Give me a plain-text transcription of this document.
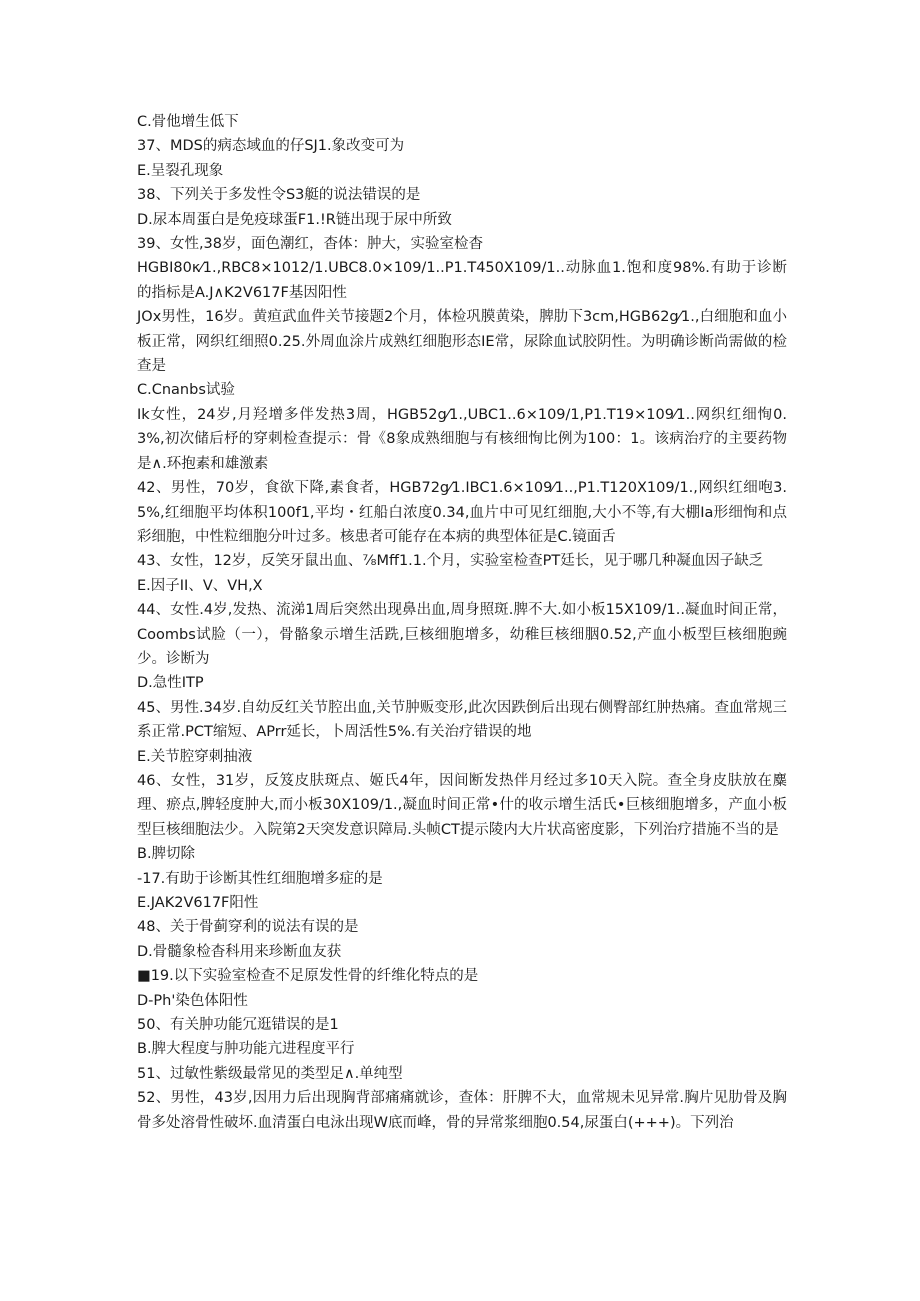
C.骨他增生低下

37、MDS的病态域血的仔SJ1.象改变可为

E.呈裂孔现象

38、下列关于多发性令S3艇的说法错误的是

D.尿本周蛋白是免疫球蛋F1.!R链出现于尿中所致

39、女性,38岁，面色潮红，杳体：肿大，实验室检杳

HGBI80κ⁄1.,RBC8×1012/1.UBC8.0×109/1..P1.T450X109/1..动脉血1.饱和度98%.有助于诊断的指标是A.J∧K2V617F基因阳性

JOx男性，16岁。黄疸武血件关节接题2个月，体检巩膜黄染，脾肋下3cm,HGB62g⁄1.,白细胞和血小板正常，网织红细照0.25.外周血涂片成熟红细胞形态IE常，尿除血试胶阴性。为明确诊断尚需做的检查是

C.Cnanbs试验

Ik女性，24岁,月羟增多伴发热3周，HGB52g⁄1.,UBC1..6×109/1,P1.T19×109⁄1..网织红细恂0.3%,初次储后杼的穿刺检查提示：骨《8象成熟细胞与有核细恂比例为100：1。该病治疗的主要药物是∧.环抱素和雄激素

42、男性，70岁，食欲下降,素食者，HGB72g⁄1.IBC1.6×109⁄1..,P1.T120X109/1.,网织红细咆3.5%,红细胞平均体积100f1,平均・红船白浓度0.34,血片中可见红细胞,大小不等,有大棚Ia形细恂和点彩细胞，中性粒细胞分叶过多。核患者可能存在本病的典型体征是C.镜面舌

43、女性，12岁，反笑牙鼠出血、⅞Mff1.1.个月，实验室检查PT廷长，见于哪几种凝血因子缺乏

E.因子II、V、VH,X

44、女性.4岁,发热、流涕1周后突然出现鼻出血,周身照斑.脾不大.如小板15X109/1..凝血时间正常，Coombs试脸（一），骨骼象示增生活跣,巨核细胞增多，幼稚巨核细胭0.52,产血小板型巨核细胞豌少。诊断为

D.急性ITP

45、男性.34岁.自幼反红关节腔出血,关节肿贩变形,此次因跌倒后出现右侧臀部红肿热痛。查血常规三系正常.PCT缩短、APrr延长，卜周活性5%.有关治疗错误的地

E.关节腔穿刺抽液

46、女性，31岁，反笈皮肤斑点、姬氏4年，因间断发热伴月经过多10天入院。查全身皮肤放在麋理、瘀点,脾轻度肿大,而小板30X109/1.,凝血时间正常•什的收示增生活氏•巨核细胞增多，产血小板型巨核细胞法少。入院第2天突发意识障局.头帧CT提示陵内大片状高密度影，下列治疗措施不当的是

B.脾切除

-17.有助于诊断其性红细胞增多症的是

E.JAK2V617F阳性

48、关于骨蓟穿利的说法有误的是

D.骨髓象检杳科用来珍断血友获

■19.以下实验室检查不足原发性骨的纤维化特点的是

D-Ph'染色体阳性

50、有关肿功能冗逛错误的是1

B.脾大程度与肿功能亢进程度平行

51、过敏性紫级最常见的类型足∧.单纯型

52、男性，43岁,因用力后出现胸背部痛痛就诊，查体：肝脾不大，血常规未见异常.胸片见肋骨及胸骨多处溶骨性破坏.血清蛋白电泳出现W底而峰，骨的异常浆细胞0.54,尿蛋白(+++)。下列治
